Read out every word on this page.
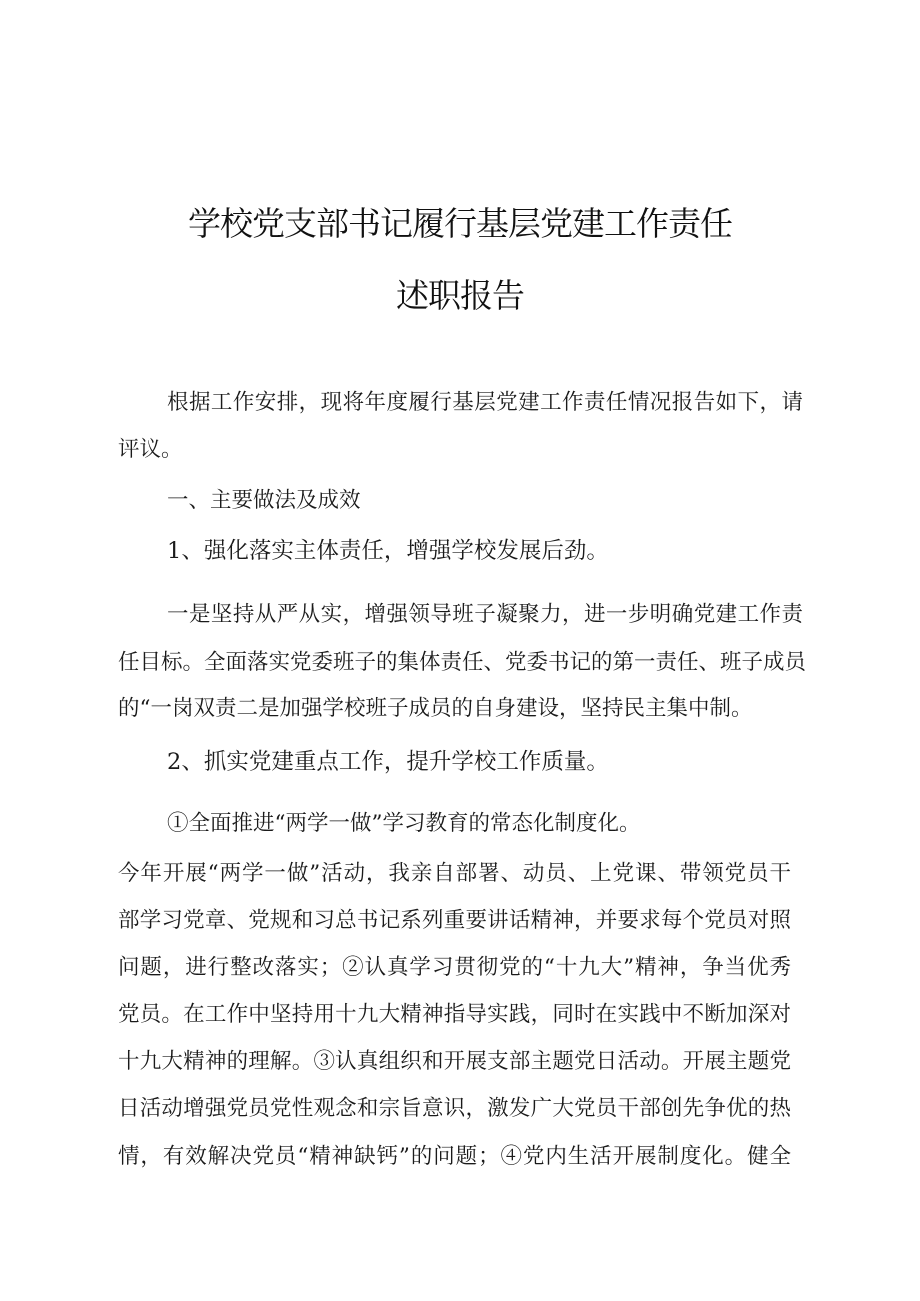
学校党支部书记履行基层党建工作责任
述职报告
根据工作安排，现将年度履行基层党建工作责任情况报告如下，请
评议。
一、主要做法及成效
1、强化落实主体责任，增强学校发展后劲。
一是坚持从严从实，增强领导班子凝聚力，进一步明确党建工作责
任目标。全面落实党委班子的集体责任、党委书记的第一责任、班子成员
的“一岗双责二是加强学校班子成员的自身建设，坚持民主集中制。
2、抓实党建重点工作，提升学校工作质量。
①全面推进“两学一做”学习教育的常态化制度化。
今年开展“两学一做”活动，我亲自部署、动员、上党课、带领党员干
部学习党章、党规和习总书记系列重要讲话精神，并要求每个党员对照
问题，进行整改落实；②认真学习贯彻党的“十九大”精神，争当优秀
党员。在工作中坚持用十九大精神指导实践，同时在实践中不断加深对
十九大精神的理解。③认真组织和开展支部主题党日活动。开展主题党
日活动增强党员党性观念和宗旨意识，激发广大党员干部创先争优的热
情，有效解决党员“精神缺钙”的问题；④党内生活开展制度化。健全
